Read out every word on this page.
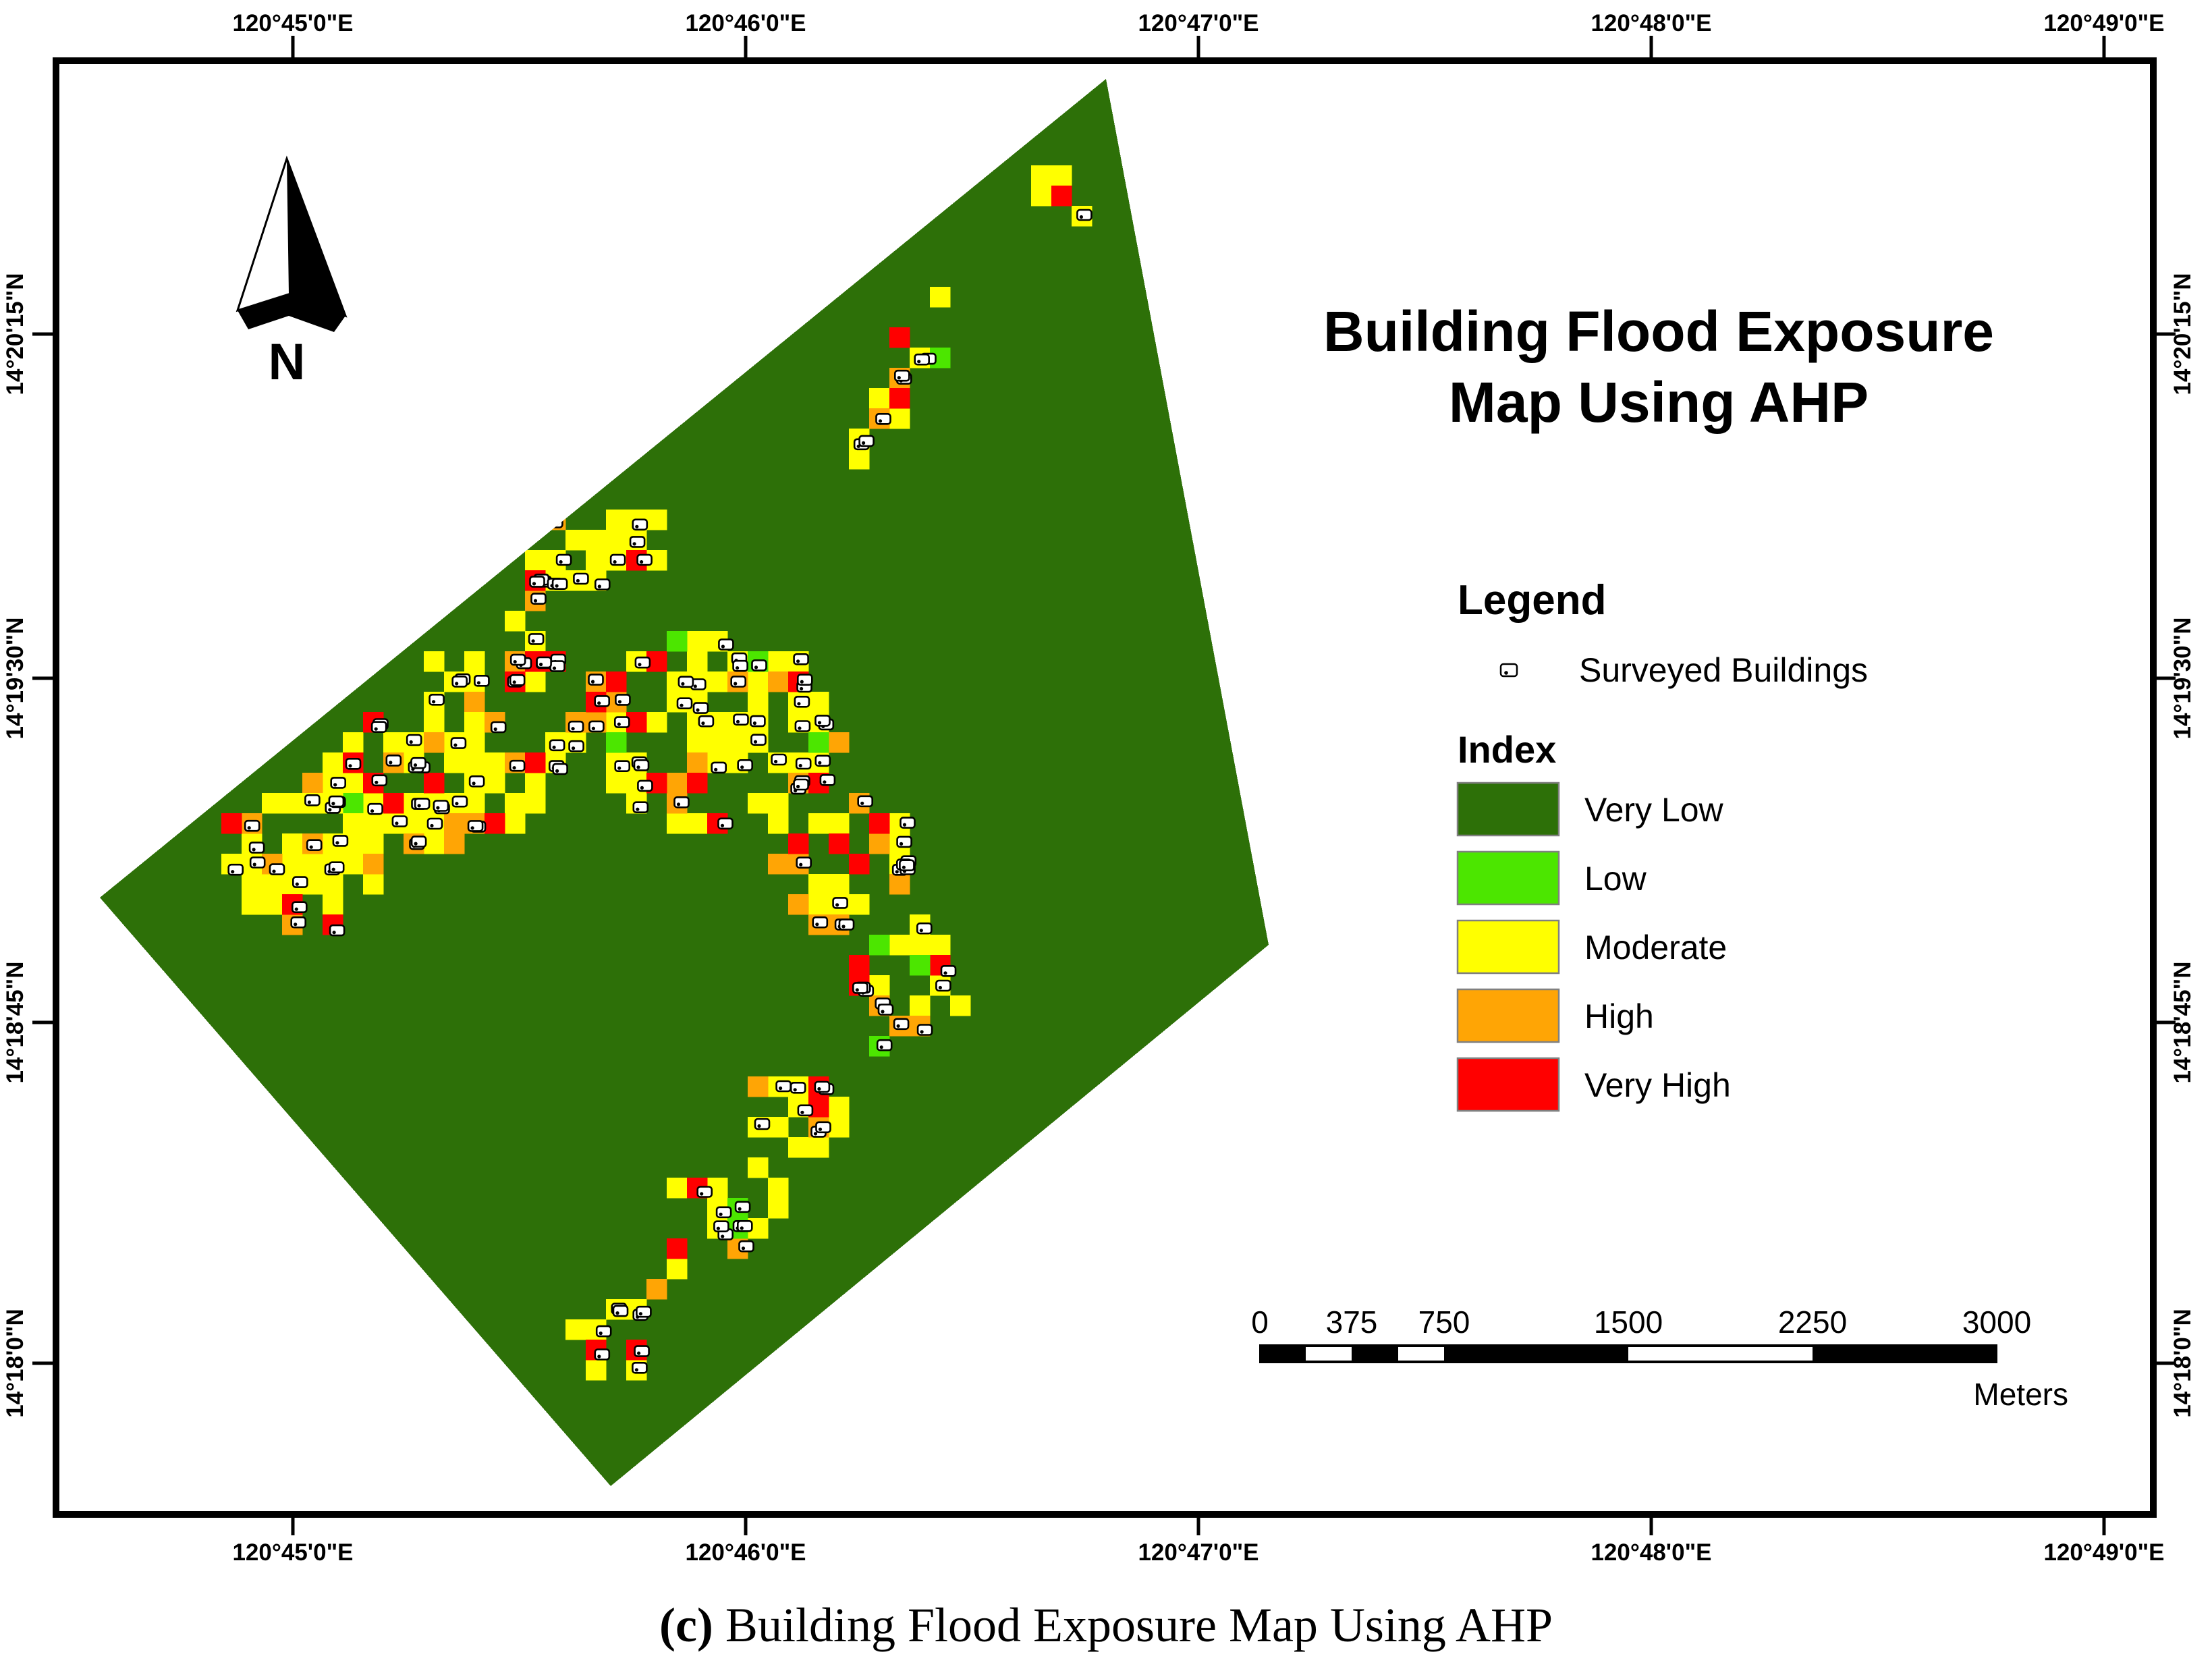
120°45'0"E
120°45'0"E
120°46'0"E
120°46'0"E
120°47'0"E
120°47'0"E
120°48'0"E
120°48'0"E
120°49'0"E
120°49'0"E
14°20'15"N	14°20'15"N
14°19'30"N	14°19'30"N
14°18'45"N	14°18'45"N
14°18'0"N	14°18'0"N
N	Building Flood Exposure
Map Using AHP
Legend
Surveyed Buildings
Index
Very Low
Low
Moderate
High
Very High
0 375 750	1500	2250	3000
Meters
(c) Building Flood Exposure Map Using AHP
